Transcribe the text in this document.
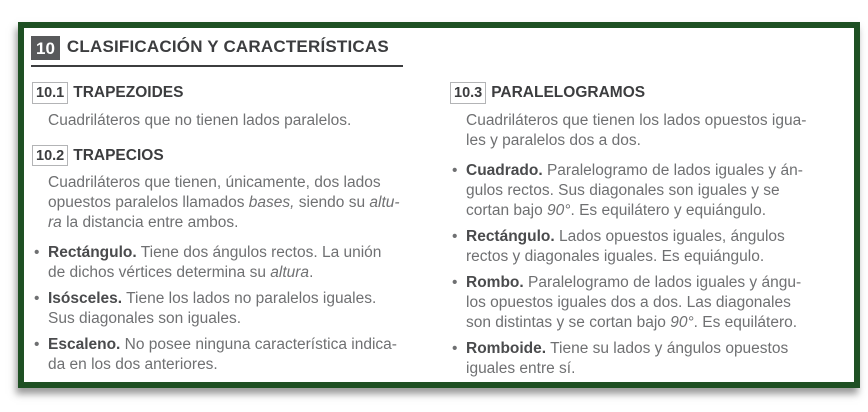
10 CLASIFICACIÓN Y CARACTERÍSTICAS
10.1 TRAPEZOIDES
Cuadriláteros que no tienen lados paralelos.
10.2 TRAPECIOS
Cuadriláteros que tienen, únicamente, dos lados
opuestos paralelos llamados bases, siendo su altu-
ra la distancia entre ambos.
• Rectángulo. Tiene dos ángulos rectos. La unión
de dichos vértices determina su altura.
• Isósceles. Tiene los lados no paralelos iguales.
Sus diagonales son iguales.
• Escaleno. No posee ninguna característica indica-
da en los dos anteriores.
10.3 PARALELOGRAMOS
Cuadriláteros que tienen los lados opuestos igua-
les y paralelos dos a dos.
• Cuadrado. Paralelogramo de lados iguales y án-
gulos rectos. Sus diagonales son iguales y se
cortan bajo 90°. Es equilátero y equiángulo.
• Rectángulo. Lados opuestos iguales, ángulos
rectos y diagonales iguales. Es equiángulo.
• Rombo. Paralelogramo de lados iguales y ángu-
los opuestos iguales dos a dos. Las diagonales
son distintas y se cortan bajo 90°. Es equilátero.
• Romboide. Tiene su lados y ángulos opuestos
iguales entre sí.
